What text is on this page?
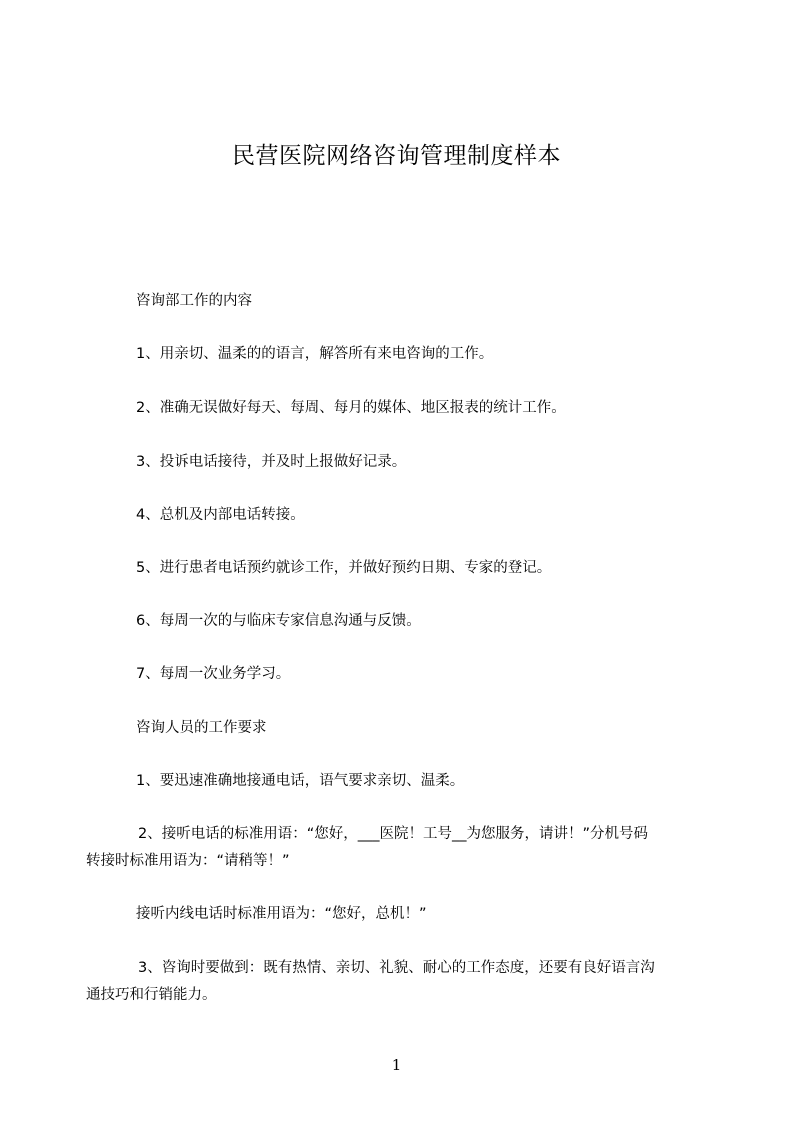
民营医院网络咨询管理制度样本
咨询部工作的内容
1、用亲切、温柔的的语言，解答所有来电咨询的工作。
2、准确无误做好每天、每周、每月的媒体、地区报表的统计工作。
3、投诉电话接待，并及时上报做好记录。
4、总机及内部电话转接。
5、进行患者电话预约就诊工作，并做好预约日期、专家的登记。
6、每周一次的与临床专家信息沟通与反馈。
7、每周一次业务学习。
咨询人员的工作要求
1、要迅速准确地接通电话，语气要求亲切、温柔。
2、接听电话的标准用语：“您好，___医院！工号__为您服务，请讲！”分机号码
转接时标准用语为：“请稍等！”
接听内线电话时标准用语为：“您好，总机！”
3、咨询时要做到：既有热情、亲切、礼貌、耐心的工作态度，还要有良好语言沟
通技巧和行销能力。
1
